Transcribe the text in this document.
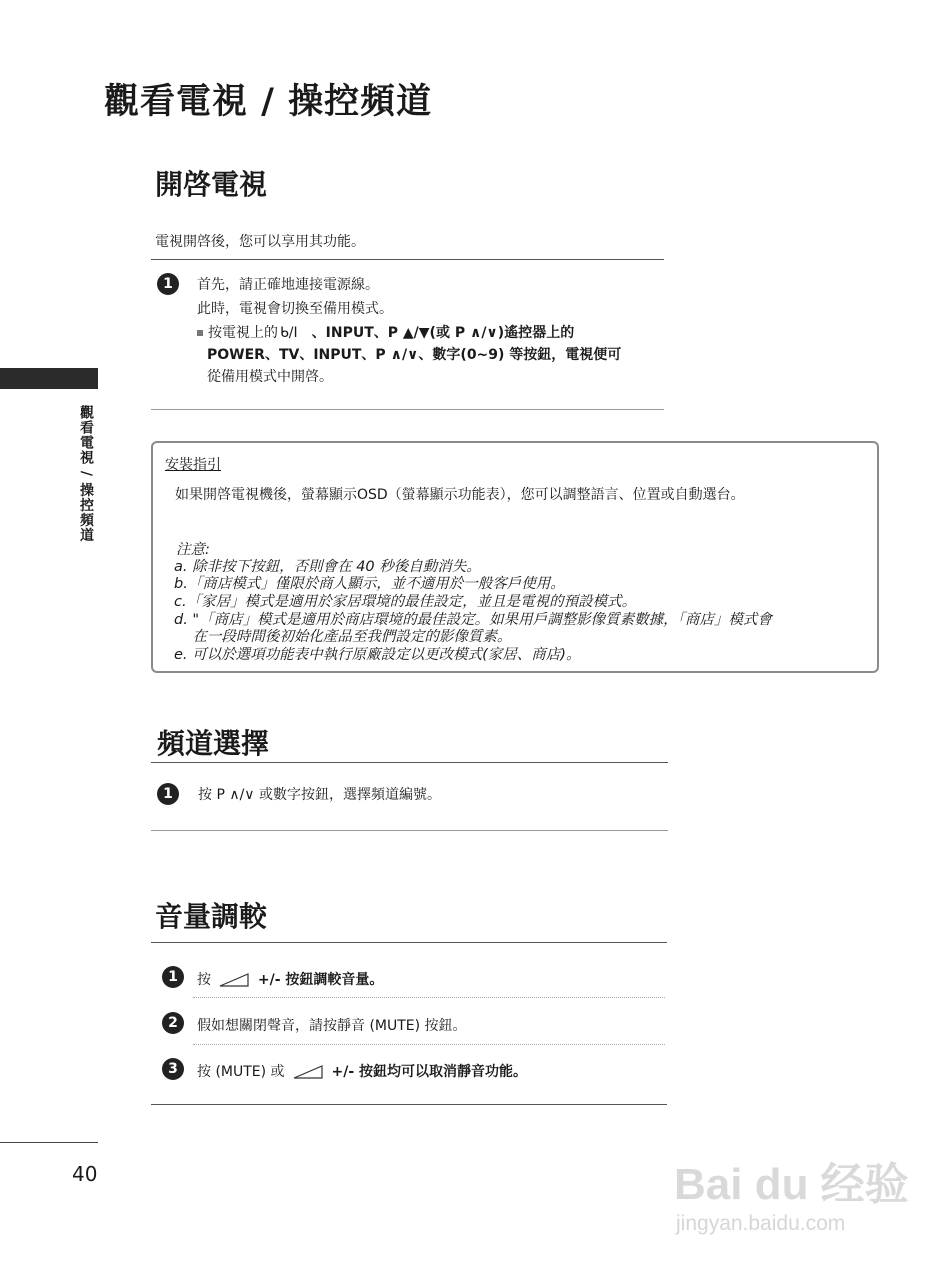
觀看電視 / 操控頻道
觀看電視 / 操控頻道
開啓電視
電視開啓後，您可以享用其功能。
1	首先，請正確地連接電源線。
此時，電視會切換至備用模式。
按電視上的 ᑲ/I 、INPUT、P ▲/▼(或 P ∧/∨)遙控器上的
POWER、TV、INPUT、P ∧/∨、數字(0~9) 等按鈕，電視便可
從備用模式中開啓。
安裝指引
如果開啓電視機後，螢幕顯示OSD（螢幕顯示功能表），您可以調整語言、位置或自動選台。
注意:
a. 除非按下按鈕，否則會在 40 秒後自動消失。
b.「商店模式」僅限於商人顯示，並不適用於一般客戶使用。
c.「家居」模式是適用於家居環境的最佳設定，並且是電視的預設模式。
d. "「商店」模式是適用於商店環境的最佳設定。如果用戶調整影像質素數據，「商店」模式會
在一段時間後初始化產品至我們設定的影像質素。
e. 可以於選項功能表中執行原廠設定以更改模式(家居、商店)。
頻道選擇
1	按 P ∧/∨ 或數字按鈕，選擇頻道編號。
音量調較
1	按	+/- 按鈕調較音量。
2	假如想關閉聲音，請按靜音 (MUTE) 按鈕。
3	按 (MUTE) 或	+/- 按鈕均可以取消靜音功能。
40	Bai du 经验
jingyan.baidu.com
